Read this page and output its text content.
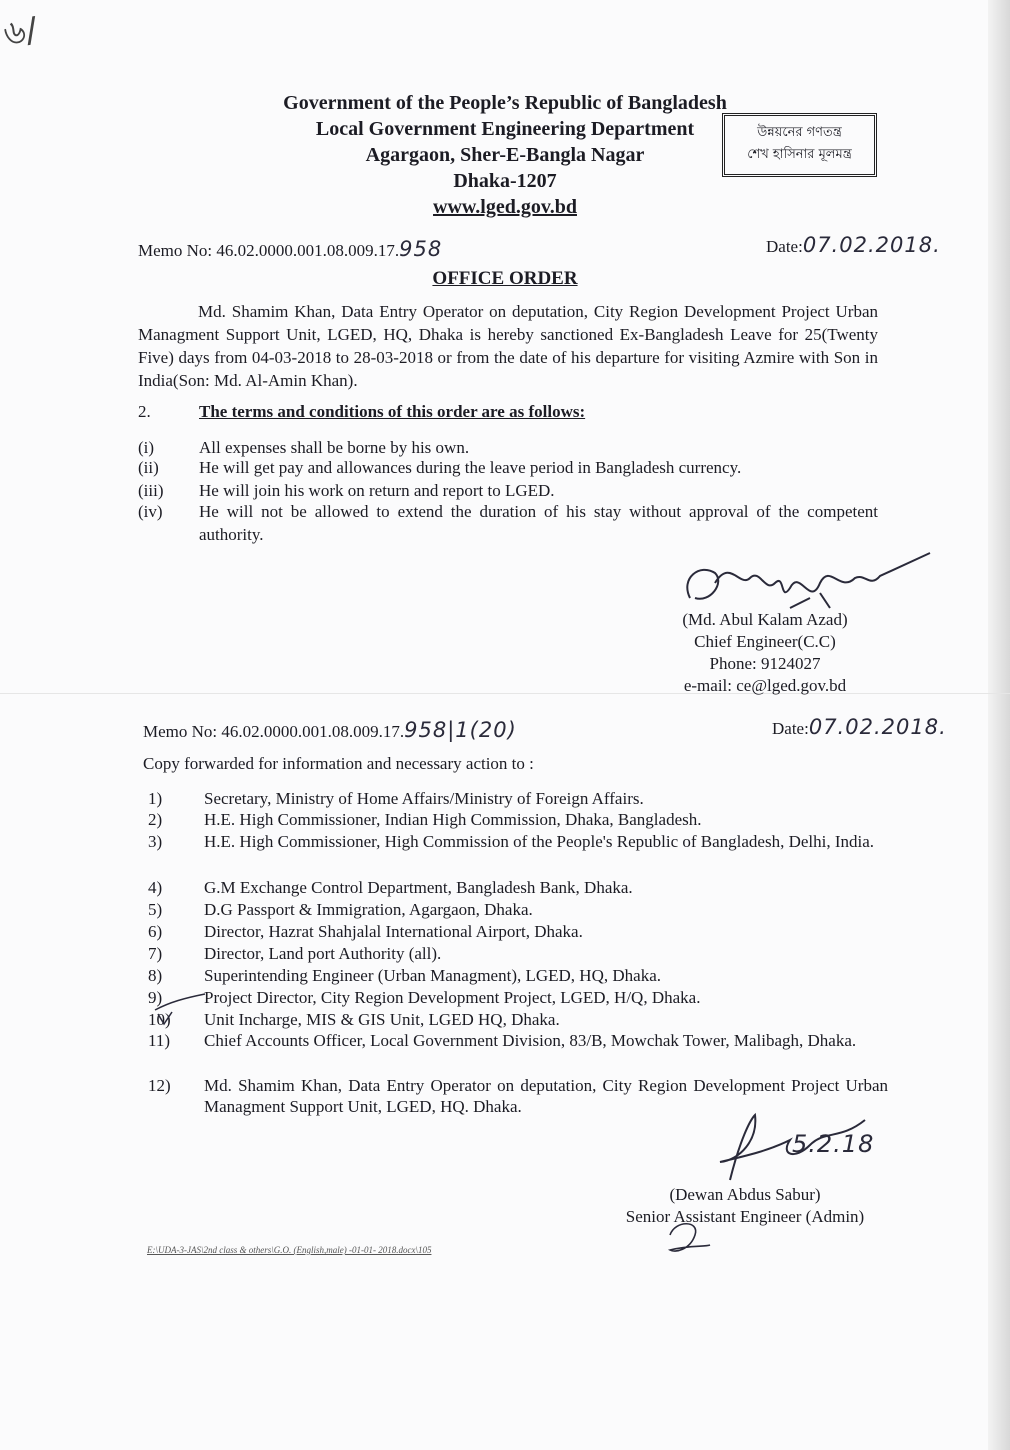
৬/
Government of the People’s Republic of Bangladesh
Local Government Engineering Department
Agargaon, Sher-E-Bangla Nagar
Dhaka-1207
www.lged.gov.bd
উন্নয়নের গণতন্ত্র
শেখ হাসিনার মূলমন্ত্র
Memo No: 46.02.0000.001.08.009.17.958	Date:07.02.2018.
OFFICE ORDER
Md. Shamim Khan, Data Entry Operator on deputation, City Region Development Project Urban Managment Support Unit, LGED, HQ, Dhaka is hereby sanctioned Ex-Bangladesh Leave for 25(Twenty Five) days from 04-03-2018 to 28-03-2018 or from the date of his departure for visiting Azmire with Son in India(Son: Md. Al-Amin Khan).
2.	The terms and conditions of this order are as follows:
(i)	All expenses shall be borne by his own.
(ii)	He will get pay and allowances during the leave period in Bangladesh currency.
(iii)	He will join his work on return and report to LGED.
(iv)	He will not be allowed to extend the duration of his stay without approval of the competent authority.
(Md. Abul Kalam Azad)
Chief Engineer(C.C)
Phone: 9124027
e-mail: ce@lged.gov.bd
Memo No: 46.02.0000.001.08.009.17.958|1(20)	Date:07.02.2018.
Copy forwarded for information and necessary action to :
1)	Secretary, Ministry of Home Affairs/Ministry of Foreign Affairs.
2)	H.E. High Commissioner, Indian High Commission, Dhaka, Bangladesh.
3)	H.E. High Commissioner, High Commission of the People's Republic of Bangladesh, Delhi, India.
4)	G.M Exchange Control Department, Bangladesh Bank, Dhaka.
5)	D.G Passport & Immigration, Agargaon, Dhaka.
6)	Director, Hazrat Shahjalal International Airport, Dhaka.
7)	Director, Land port Authority (all).
8)	Superintending Engineer (Urban Managment), LGED, HQ, Dhaka.
9)	Project Director, City Region Development Project, LGED, H/Q, Dhaka.
10)	Unit Incharge, MIS & GIS Unit, LGED HQ, Dhaka.
11)	Chief Accounts Officer, Local Government Division, 83/B, Mowchak Tower, Malibagh, Dhaka.
12)	Md. Shamim Khan, Data Entry Operator on deputation, City Region Development Project Urban Managment Support Unit, LGED, HQ. Dhaka.
5.2.18
(Dewan Abdus Sabur)
Senior Assistant Engineer (Admin)
E:\UDA-3-JAS\2nd class & others\G.O. (English,male) -01-01- 2018.docx\105
